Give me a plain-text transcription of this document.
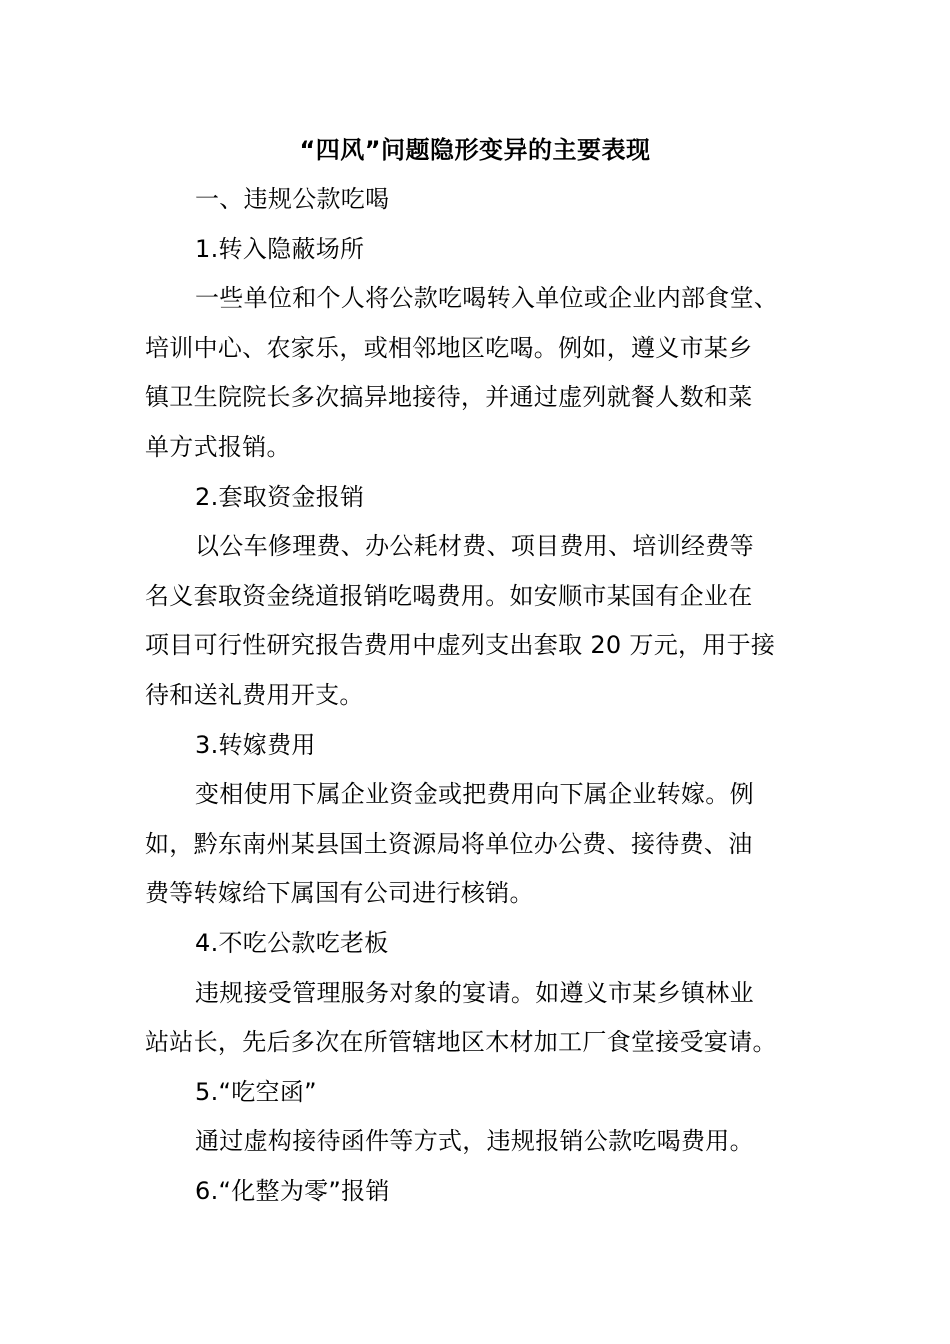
“四风”问题隐形变异的主要表现
一、违规公款吃喝
1.转入隐蔽场所
一些单位和个人将公款吃喝转入单位或企业内部食堂、
培训中心、农家乐，或相邻地区吃喝。例如，遵义市某乡
镇卫生院院长多次搞异地接待，并通过虚列就餐人数和菜
单方式报销。
2.套取资金报销
以公车修理费、办公耗材费、项目费用、培训经费等
名义套取资金绕道报销吃喝费用。如安顺市某国有企业在
项目可行性研究报告费用中虚列支出套取 20 万元，用于接
待和送礼费用开支。
3.转嫁费用
变相使用下属企业资金或把费用向下属企业转嫁。例
如，黔东南州某县国土资源局将单位办公费、接待费、油
费等转嫁给下属国有公司进行核销。
4.不吃公款吃老板
违规接受管理服务对象的宴请。如遵义市某乡镇林业
站站长，先后多次在所管辖地区木材加工厂食堂接受宴请。
5.“吃空函”
通过虚构接待函件等方式，违规报销公款吃喝费用。
6.“化整为零”报销
